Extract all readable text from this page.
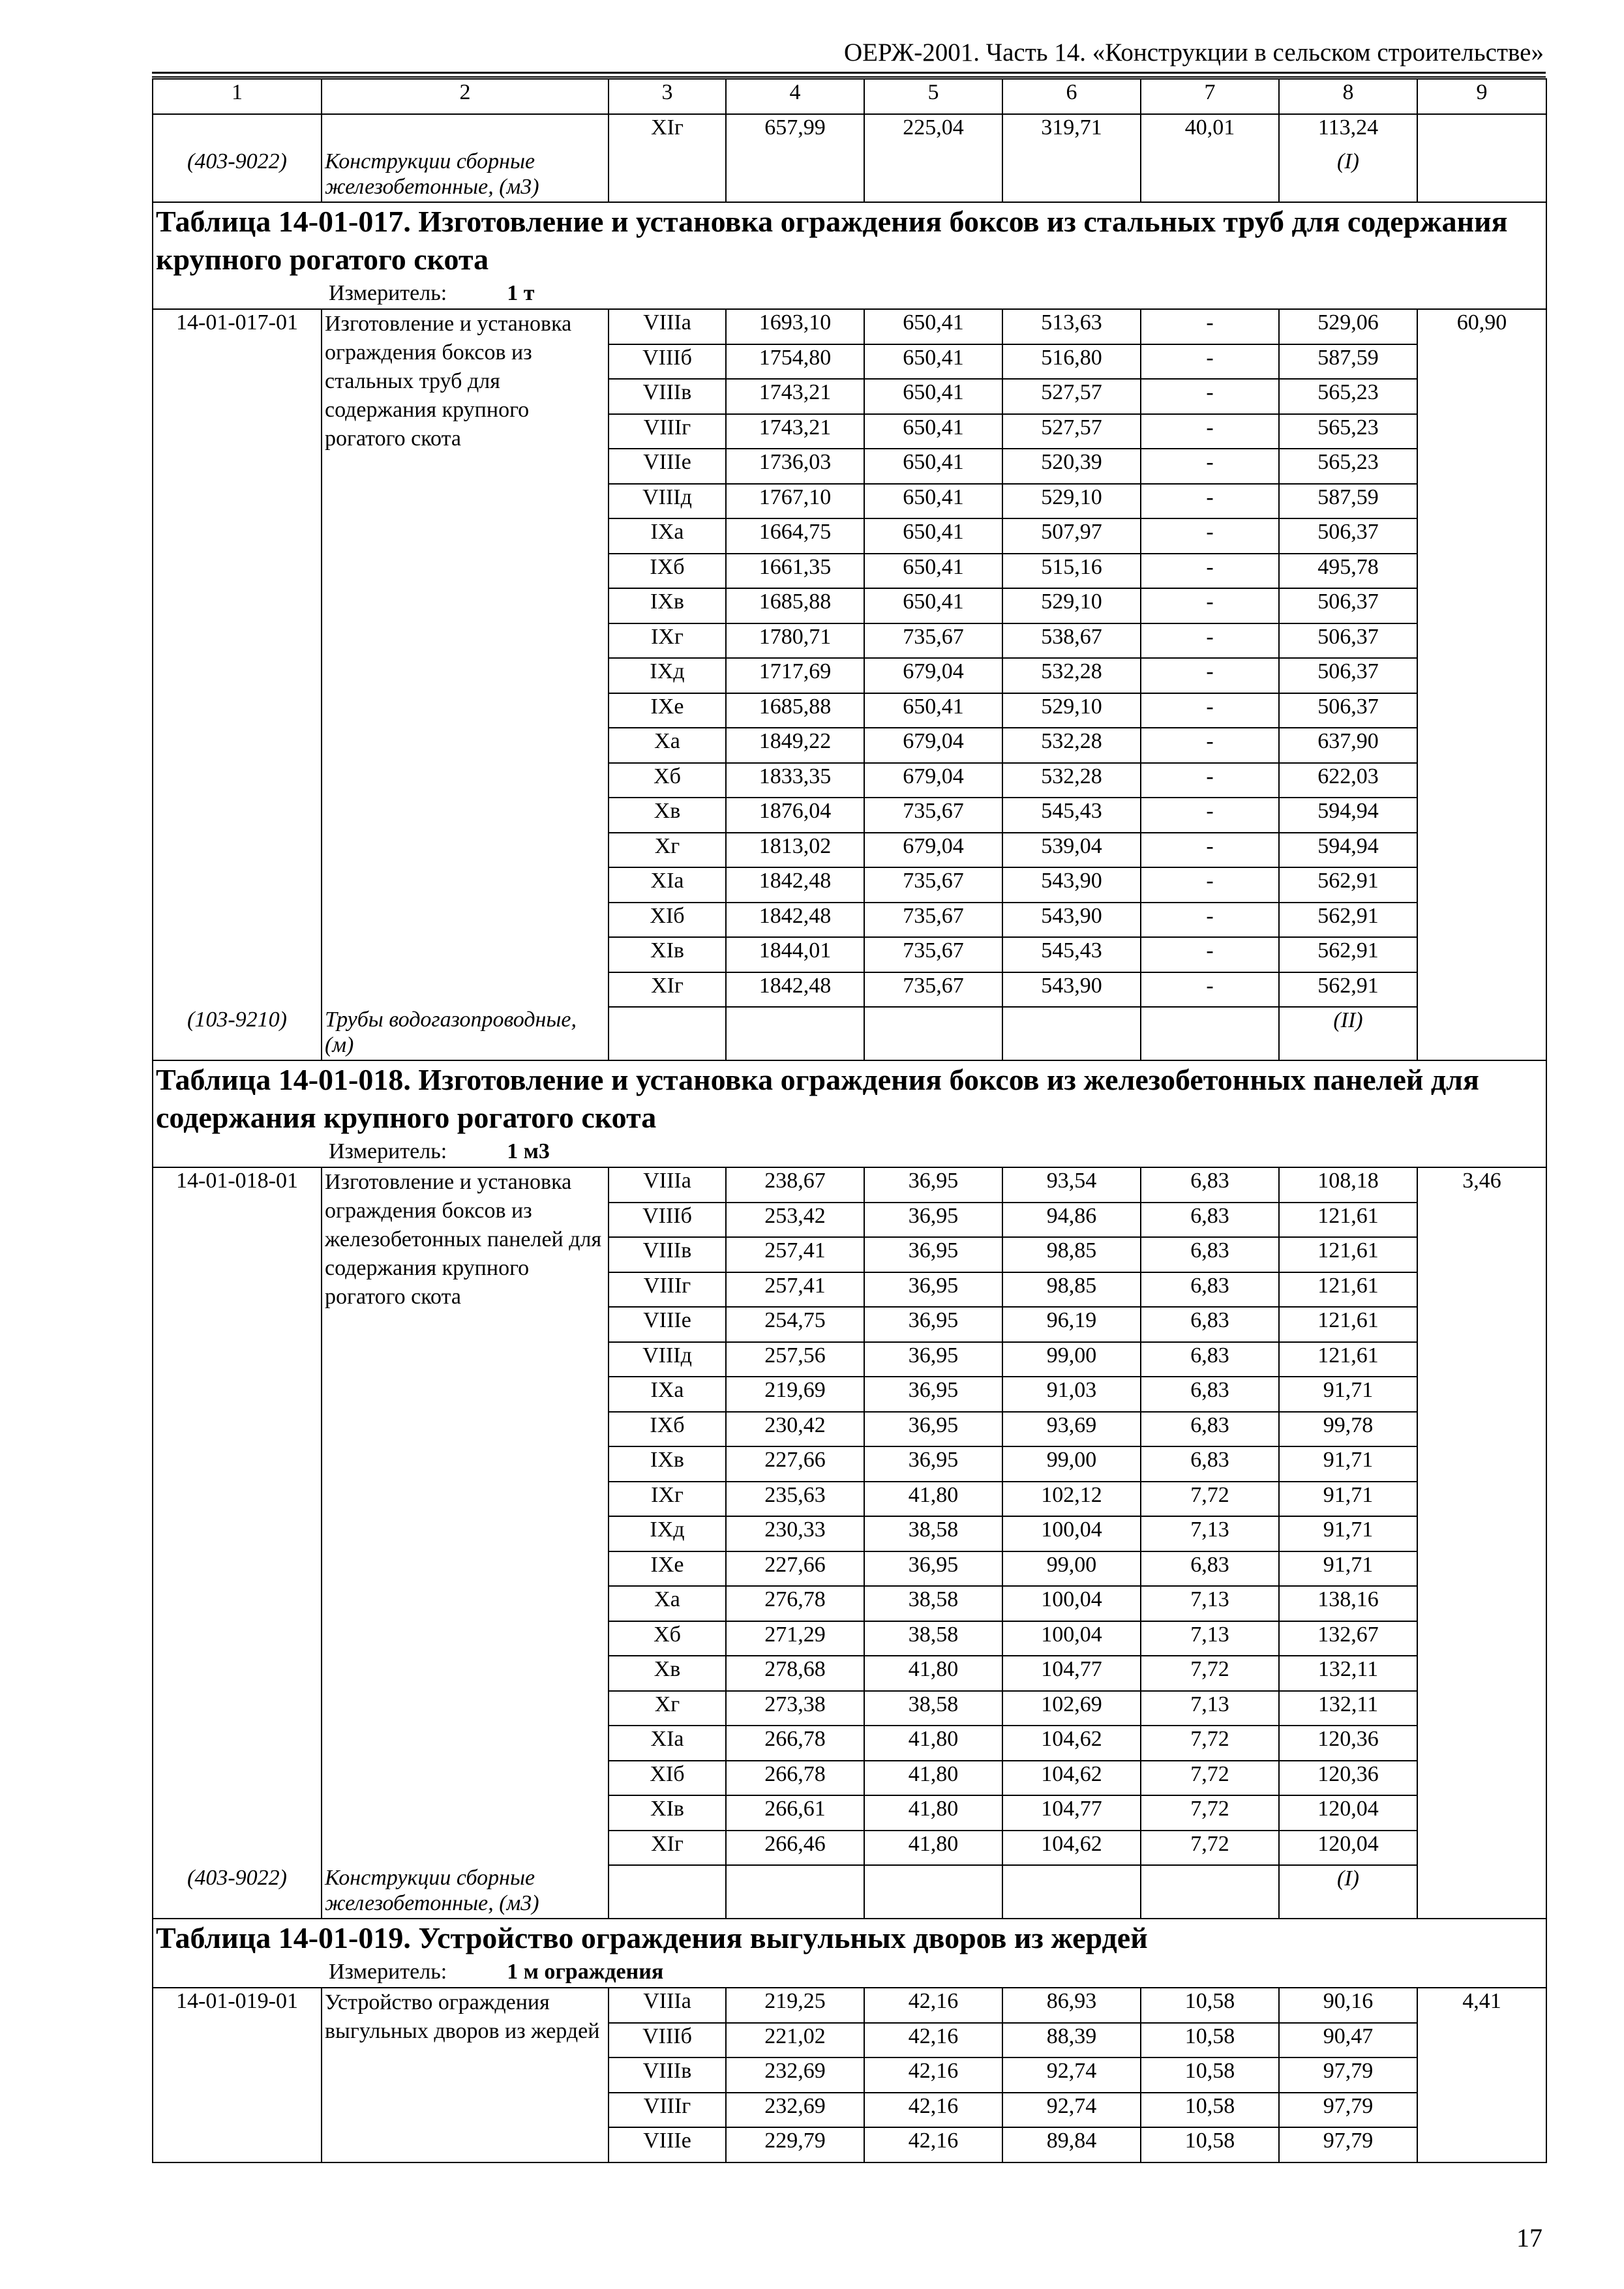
ОЕРЖ-2001. Часть 14. «Конструкции в сельском строительстве»
1	2	3	4	5	6	7	8	9
		XIг	657,99	225,04	319,71	40,01	113,24	
(403-9022)	Конструкции сборные железобетонные, (м3)						(I)	

Таблица 14-01-017. Изготовление и установка ограждения боксов из стальных труб для содержания крупного рогатого скота
Измеритель: 1 т								

14-01-017-01	Изготовление и установка ограждения боксов из стальных труб для содержания крупного рогатого скота	VIIIа	1693,10	650,41	513,63	-	529,06	60,90
		VIIIб	1754,80	650,41	516,80	-	587,59	
		VIIIв	1743,21	650,41	527,57	-	565,23	
		VIIIг	1743,21	650,41	527,57	-	565,23	
		VIIIе	1736,03	650,41	520,39	-	565,23	
		VIIIд	1767,10	650,41	529,10	-	587,59	
		IXа	1664,75	650,41	507,97	-	506,37	
		IXб	1661,35	650,41	515,16	-	495,78	
		IXв	1685,88	650,41	529,10	-	506,37	
		IXг	1780,71	735,67	538,67	-	506,37	
		IXд	1717,69	679,04	532,28	-	506,37	
		IXе	1685,88	650,41	529,10	-	506,37	
		Xа	1849,22	679,04	532,28	-	637,90	
		Xб	1833,35	679,04	532,28	-	622,03	
		Xв	1876,04	735,67	545,43	-	594,94	
		Xг	1813,02	679,04	539,04	-	594,94	
		XIа	1842,48	735,67	543,90	-	562,91	
		XIб	1842,48	735,67	543,90	-	562,91	
		XIв	1844,01	735,67	545,43	-	562,91	
		XIг	1842,48	735,67	543,90	-	562,91	
(103-9210)	Трубы водогазопроводные, (м)						(II)	

Таблица 14-01-018. Изготовление и установка ограждения боксов из железобетонных панелей для содержания крупного рогатого скота
Измеритель: 1 м3								

14-01-018-01	Изготовление и установка ограждения боксов из железобетонных панелей для содержания крупного рогатого скота	VIIIа	238,67	36,95	93,54	6,83	108,18	3,46
		VIIIб	253,42	36,95	94,86	6,83	121,61	
		VIIIв	257,41	36,95	98,85	6,83	121,61	
		VIIIг	257,41	36,95	98,85	6,83	121,61	
		VIIIе	254,75	36,95	96,19	6,83	121,61	
		VIIIд	257,56	36,95	99,00	6,83	121,61	
		IXа	219,69	36,95	91,03	6,83	91,71	
		IXб	230,42	36,95	93,69	6,83	99,78	
		IXв	227,66	36,95	99,00	6,83	91,71	
		IXг	235,63	41,80	102,12	7,72	91,71	
		IXд	230,33	38,58	100,04	7,13	91,71	
		IXе	227,66	36,95	99,00	6,83	91,71	
		Xа	276,78	38,58	100,04	7,13	138,16	
		Xб	271,29	38,58	100,04	7,13	132,67	
		Xв	278,68	41,80	104,77	7,72	132,11	
		Xг	273,38	38,58	102,69	7,13	132,11	
		XIа	266,78	41,80	104,62	7,72	120,36	
		XIб	266,78	41,80	104,62	7,72	120,36	
		XIв	266,61	41,80	104,77	7,72	120,04	
		XIг	266,46	41,80	104,62	7,72	120,04	
(403-9022)	Конструкции сборные железобетонные, (м3)						(I)	

Таблица 14-01-019. Устройство ограждения выгульных дворов из жердей
Измеритель: 1 м ограждения								

14-01-019-01	Устройство ограждения выгульных дворов из жердей	VIIIа	219,25	42,16	86,93	10,58	90,16	4,41
		VIIIб	221,02	42,16	88,39	10,58	90,47	
		VIIIв	232,69	42,16	92,74	10,58	97,79	
		VIIIг	232,69	42,16	92,74	10,58	97,79	
		VIIIе	229,79	42,16	89,84	10,58	97,79	
17
